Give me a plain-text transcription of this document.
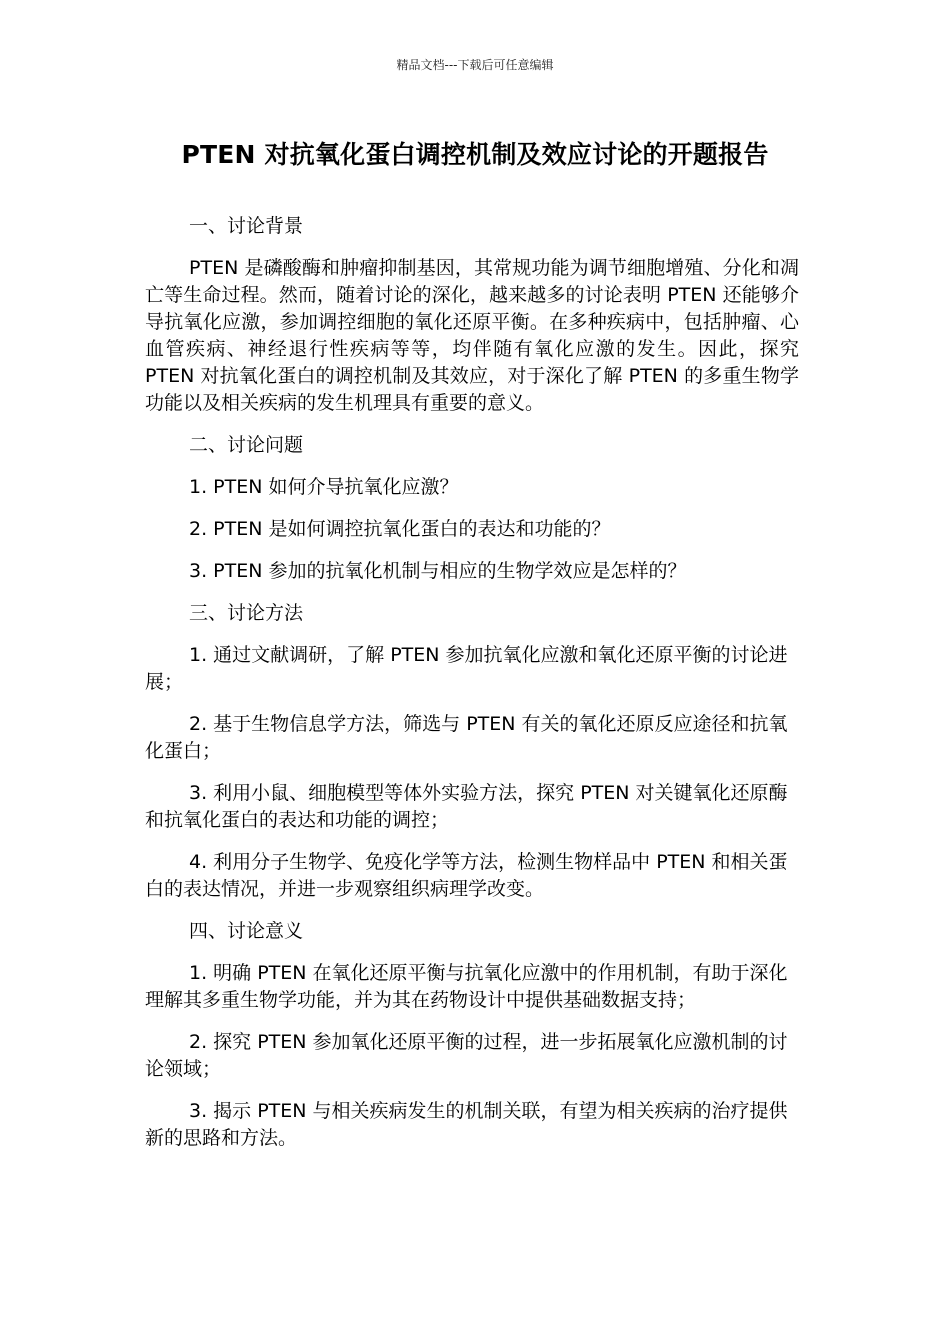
精品文档---下载后可任意编辑
PTEN 对抗氧化蛋白调控机制及效应讨论的开题报告
一、讨论背景
PTEN 是磷酸酶和肿瘤抑制基因，其常规功能为调节细胞增殖、分化和凋亡等生命过程。然而，随着讨论的深化，越来越多的讨论表明 PTEN 还能够介导抗氧化应激，参加调控细胞的氧化还原平衡。在多种疾病中，包括肿瘤、心血管疾病、神经退行性疾病等等，均伴随有氧化应激的发生。因此，探究 PTEN 对抗氧化蛋白的调控机制及其效应，对于深化了解 PTEN 的多重生物学功能以及相关疾病的发生机理具有重要的意义。
二、讨论问题
1. PTEN 如何介导抗氧化应激？
2. PTEN 是如何调控抗氧化蛋白的表达和功能的？
3. PTEN 参加的抗氧化机制与相应的生物学效应是怎样的？
三、讨论方法
1. 通过文献调研，了解 PTEN 参加抗氧化应激和氧化还原平衡的讨论进展；
2. 基于生物信息学方法，筛选与 PTEN 有关的氧化还原反应途径和抗氧化蛋白；
3. 利用小鼠、细胞模型等体外实验方法，探究 PTEN 对关键氧化还原酶和抗氧化蛋白的表达和功能的调控；
4. 利用分子生物学、免疫化学等方法，检测生物样品中 PTEN 和相关蛋白的表达情况，并进一步观察组织病理学改变。
四、讨论意义
1. 明确 PTEN 在氧化还原平衡与抗氧化应激中的作用机制，有助于深化理解其多重生物学功能，并为其在药物设计中提供基础数据支持；
2. 探究 PTEN 参加氧化还原平衡的过程，进一步拓展氧化应激机制的讨论领域；
3. 揭示 PTEN 与相关疾病发生的机制关联，有望为相关疾病的治疗提供新的思路和方法。
